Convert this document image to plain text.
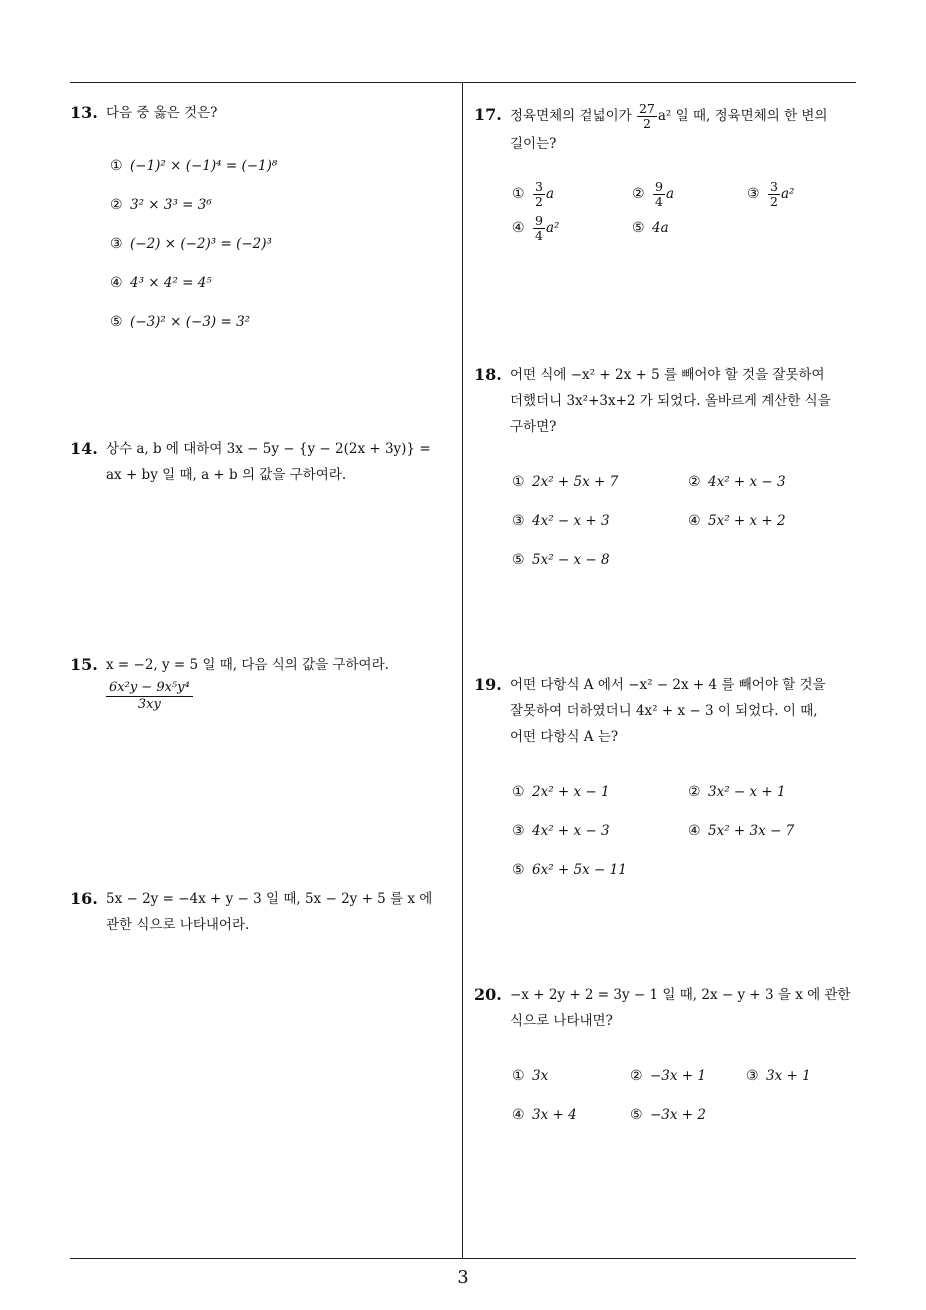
13. 다음 중 옳은 것은?
① (−1)² × (−1)⁴ = (−1)⁸
② 3² × 3³ = 3⁶
③ (−2) × (−2)³ = (−2)³
④ 4³ × 4² = 4⁵
⑤ (−3)² × (−3) = 3²
14. 상수 a, b 에 대하여 3x − 5y − {y − 2(2x + 3y)} =
ax + by 일 때, a + b 의 값을 구하여라.
15. x = −2, y = 5 일 때, 다음 식의 값을 구하여라.
$\frac{\text{6x²y − 9x⁵y⁴}}{3xy}$
16. 5x − 2y = −4x + y − 3 일 때, 5x − 2y + 5 를 x 에
관한 식으로 나타내어라.
17. 정육면체의 겉넓이가 $\frac{27}{2} a^2$ 일 때, 정육면체의 한 변의
길이는?
① $\frac{3}{2}$ a	② $\frac{9}{4}$ a	③ $\frac{3}{2} a^2$
④ $\frac{9}{4} a^2$	⑤ 4a
18. 어떤 식에 −x² + 2x + 5 를 빼어야 할 것을 잘못하여
더했더니 3x²+3x+2 가 되었다. 올바르게 계산한 식을
구하면?
① 2x² + 5x + 7	② 4x² + x − 3
③ 4x² − x + 3	④ 5x² + x + 2
⑤ 5x² − x − 8
19. 어떤 다항식 A 에서 −x² − 2x + 4 를 빼어야 할 것을
잘못하여 더하였더니 4x² + x − 3 이 되었다. 이 때,
어떤 다항식 A 는?
① 2x² + x − 1	② 3x² − x + 1
③ 4x² + x − 3	④ 5x² + 3x − 7
⑤ 6x² + 5x − 11
20. −x + 2y + 2 = 3y − 1 일 때, 2x − y + 3 을 x 에 관한
식으로 나타내면?
① 3x	② −3x + 1	③ 3x + 1
④ 3x + 4	⑤ −3x + 2
3
